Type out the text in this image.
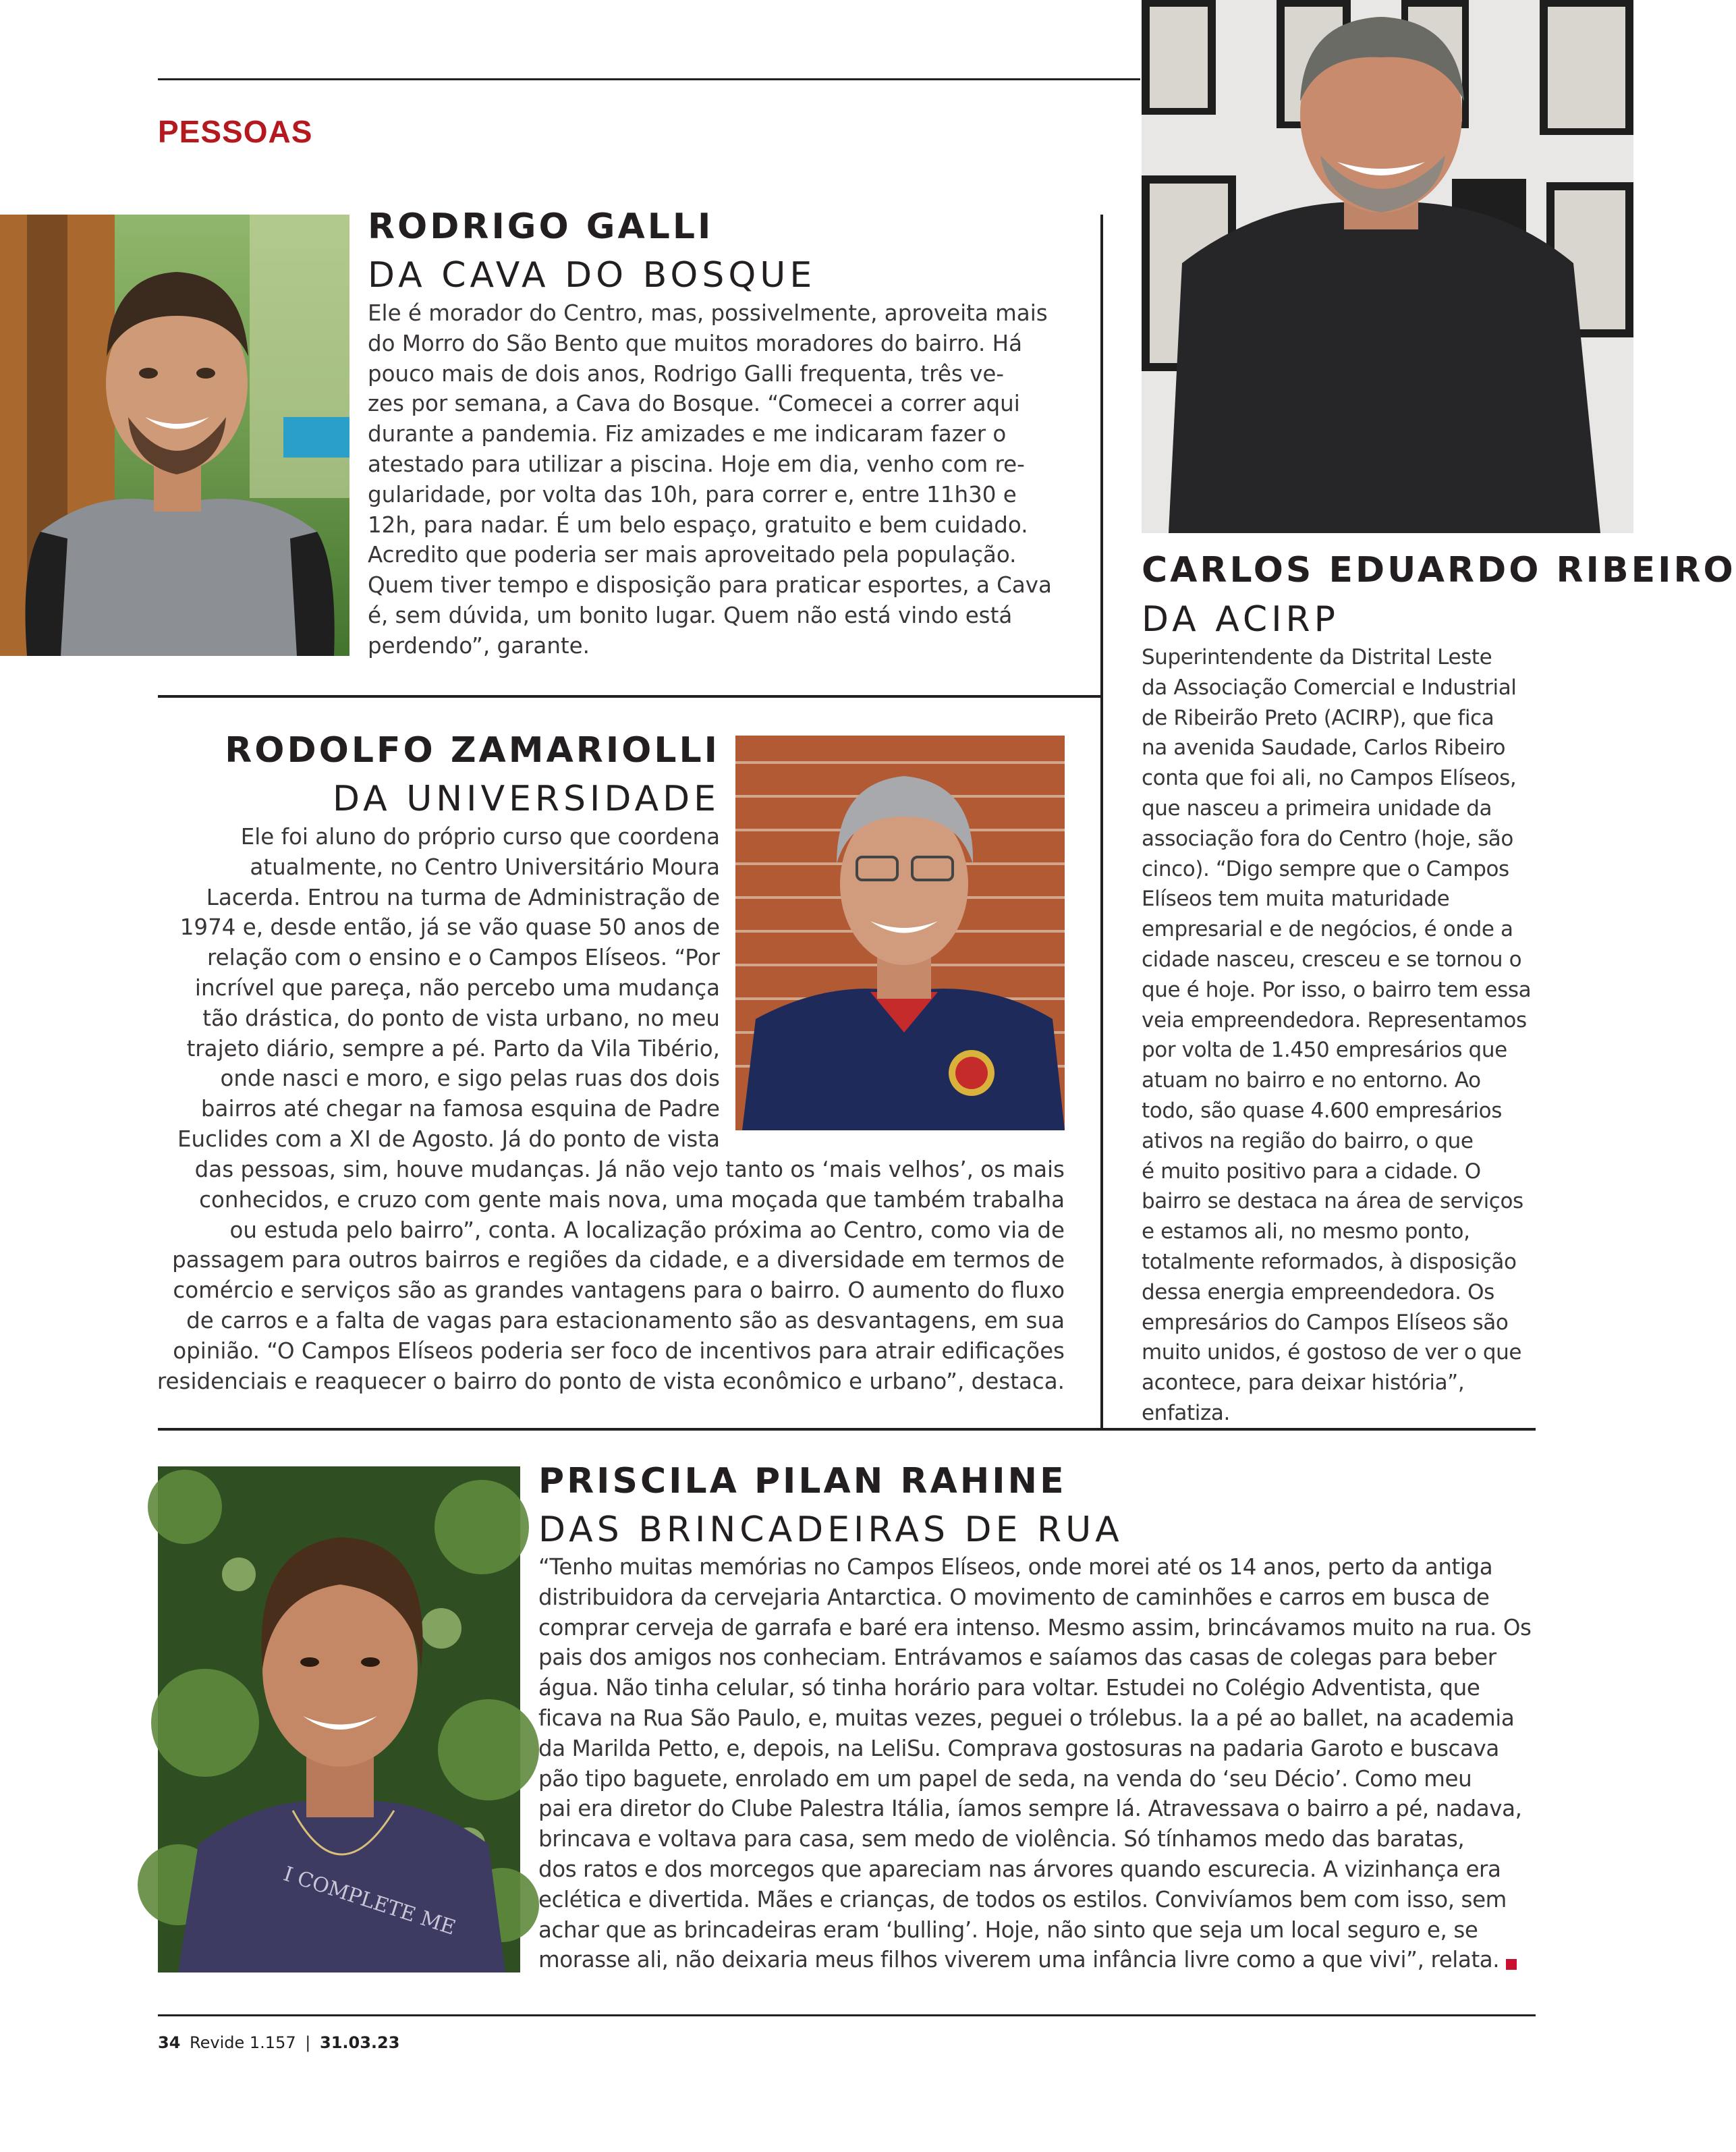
PESSOAS
RODRIGO GALLI
DA CAVA DO BOSQUE
Ele é morador do Centro, mas, possivelmente, aproveita mais
do Morro do São Bento que muitos moradores do bairro. Há
pouco mais de dois anos, Rodrigo Galli frequenta, três ve-
zes por semana, a Cava do Bosque. “Comecei a correr aqui
durante a pandemia. Fiz amizades e me indicaram fazer o
atestado para utilizar a piscina. Hoje em dia, venho com re-
gularidade, por volta das 10h, para correr e, entre 11h30 e
12h, para nadar. É um belo espaço, gratuito e bem cuidado.
Acredito que poderia ser mais aproveitado pela população.
Quem tiver tempo e disposição para praticar esportes, a Cava
é, sem dúvida, um bonito lugar. Quem não está vindo está
perdendo”, garante.
RODOLFO ZAMARIOLLI
DA UNIVERSIDADE
Ele foi aluno do próprio curso que coordena
atualmente, no Centro Universitário Moura
Lacerda. Entrou na turma de Administração de
1974 e, desde então, já se vão quase 50 anos de
relação com o ensino e o Campos Elíseos. “Por
incrível que pareça, não percebo uma mudança
tão drástica, do ponto de vista urbano, no meu
trajeto diário, sempre a pé. Parto da Vila Tibério,
onde nasci e moro, e sigo pelas ruas dos dois
bairros até chegar na famosa esquina de Padre
Euclides com a XI de Agosto. Já do ponto de vista
das pessoas, sim, houve mudanças. Já não vejo tanto os ‘mais velhos’, os mais
conhecidos, e cruzo com gente mais nova, uma moçada que também trabalha
ou estuda pelo bairro”, conta. A localização próxima ao Centro, como via de
passagem para outros bairros e regiões da cidade, e a diversidade em termos de
comércio e serviços são as grandes vantagens para o bairro. O aumento do fluxo
de carros e a falta de vagas para estacionamento são as desvantagens, em sua
opinião. “O Campos Elíseos poderia ser foco de incentivos para atrair edificações
residenciais e reaquecer o bairro do ponto de vista econômico e urbano”, destaca.
CARLOS EDUARDO RIBEIRO
DA ACIRP
Superintendente da Distrital Leste
da Associação Comercial e Industrial
de Ribeirão Preto (ACIRP), que fica
na avenida Saudade, Carlos Ribeiro
conta que foi ali, no Campos Elíseos,
que nasceu a primeira unidade da
associação fora do Centro (hoje, são
cinco). “Digo sempre que o Campos
Elíseos tem muita maturidade
empresarial e de negócios, é onde a
cidade nasceu, cresceu e se tornou o
que é hoje. Por isso, o bairro tem essa
veia empreendedora. Representamos
por volta de 1.450 empresários que
atuam no bairro e no entorno. Ao
todo, são quase 4.600 empresários
ativos na região do bairro, o que
é muito positivo para a cidade. O
bairro se destaca na área de serviços
e estamos ali, no mesmo ponto,
totalmente reformados, à disposição
dessa energia empreendedora. Os
empresários do Campos Elíseos são
muito unidos, é gostoso de ver o que
acontece, para deixar história”, enfatiza.
I COMPLETE ME
PRISCILA PILAN RAHINE
DAS BRINCADEIRAS DE RUA
“Tenho muitas memórias no Campos Elíseos, onde morei até os 14 anos, perto da antiga
distribuidora da cervejaria Antarctica. O movimento de caminhões e carros em busca de
comprar cerveja de garrafa e baré era intenso. Mesmo assim, brincávamos muito na rua. Os
pais dos amigos nos conheciam. Entrávamos e saíamos das casas de colegas para beber
água. Não tinha celular, só tinha horário para voltar. Estudei no Colégio Adventista, que
ficava na Rua São Paulo, e, muitas vezes, peguei o trólebus. Ia a pé ao ballet, na academia
da Marilda Petto, e, depois, na LeliSu. Comprava gostosuras na padaria Garoto e buscava
pão tipo baguete, enrolado em um papel de seda, na venda do ‘seu Décio’. Como meu
pai era diretor do Clube Palestra Itália, íamos sempre lá. Atravessava o bairro a pé, nadava,
brincava e voltava para casa, sem medo de violência. Só tínhamos medo das baratas,
dos ratos e dos morcegos que apareciam nas árvores quando escurecia. A vizinhança era
eclética e divertida. Mães e crianças, de todos os estilos. Convivíamos bem com isso, sem
achar que as brincadeiras eram ‘bulling’. Hoje, não sinto que seja um local seguro e, se
morasse ali, não deixaria meus filhos viverem uma infância livre como a que vivi”, relata.
34 Revide 1.157 | 31.03.23
